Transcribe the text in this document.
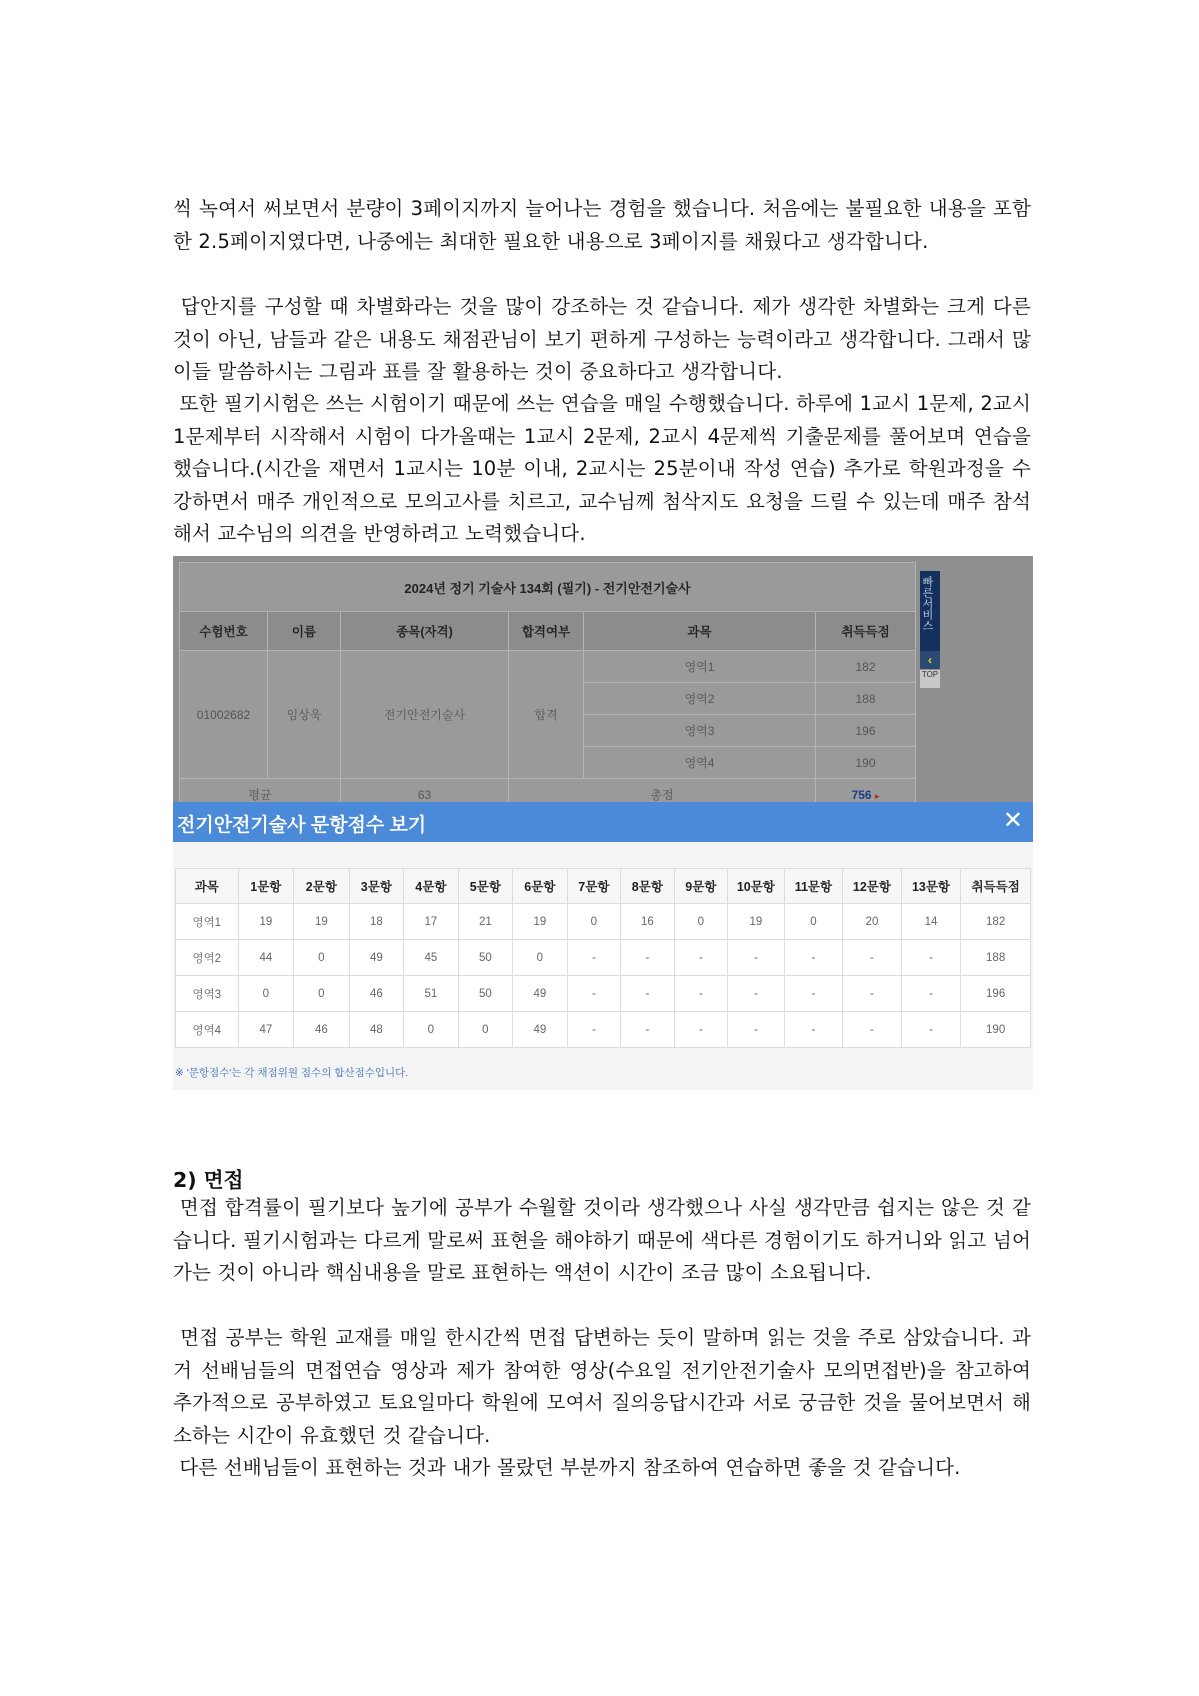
씩 녹여서 써보면서 분량이 3페이지까지 늘어나는 경험을 했습니다. 처음에는 불필요한 내용을 포함한 2.5페이지였다면, 나중에는 최대한 필요한 내용으로 3페이지를 채웠다고 생각합니다.

답안지를 구성할 때 차별화라는 것을 많이 강조하는 것 같습니다. 제가 생각한 차별화는 크게 다른 것이 아닌, 남들과 같은 내용도 채점관님이 보기 편하게 구성하는 능력이라고 생각합니다. 그래서 많이들 말씀하시는 그림과 표를 잘 활용하는 것이 중요하다고 생각합니다.

또한 필기시험은 쓰는 시험이기 때문에 쓰는 연습을 매일 수행했습니다. 하루에 1교시 1문제, 2교시 1문제부터 시작해서 시험이 다가올때는 1교시 2문제, 2교시 4문제씩 기출문제를 풀어보며 연습을 했습니다.(시간을 재면서 1교시는 10분 이내, 2교시는 25분이내 작성 연습) 추가로 학원과정을 수강하면서 매주 개인적으로 모의고사를 치르고, 교수님께 첨삭지도 요청을 드릴 수 있는데 매주 참석해서 교수님의 의견을 반영하려고 노력했습니다.

2024년 정기 기술사 134회 (필기) - 전기안전기술사					
수험번호	이름	종목(자격)	합격여부	과목	취득득점
01002682	임상욱	전기안전기술사	합격	영역1	182
				영역2	188
				영역3	196
				영역4	190
평균		63	총점		756 ▸
빠른서비스
‹
TOP
전기안전기술사 문항점수 보기	✕
과목	1문항	2문항	3문항	4문항	5문항	6문항	7문항	8문항	9문항	10문항	11문항	12문항	13문항	취득득점
영역1	19	19	18	17	21	19	0	16	0	19	0	20	14	182
영역2	44	0	49	45	50	0	-	-	-	-	-	-	-	188
영역3	0	0	46	51	50	49	-	-	-	-	-	-	-	196
영역4	47	46	48	0	0	49	-	-	-	-	-	-	-	190
※ '문항점수'는 각 채점위원 점수의 합산점수입니다.
2) 면접

면접 합격률이 필기보다 높기에 공부가 수월할 것이라 생각했으나 사실 생각만큼 쉽지는 않은 것 같습니다. 필기시험과는 다르게 말로써 표현을 해야하기 때문에 색다른 경험이기도 하거니와 읽고 넘어가는 것이 아니라 핵심내용을 말로 표현하는 액션이 시간이 조금 많이 소요됩니다.

면접 공부는 학원 교재를 매일 한시간씩 면접 답변하는 듯이 말하며 읽는 것을 주로 삼았습니다. 과거 선배님들의 면접연습 영상과 제가 참여한 영상(수요일 전기안전기술사 모의면접반)을 참고하여 추가적으로 공부하였고 토요일마다 학원에 모여서 질의응답시간과 서로 궁금한 것을 물어보면서 해소하는 시간이 유효했던 것 같습니다.

다른 선배님들이 표현하는 것과 내가 몰랐던 부분까지 참조하여 연습하면 좋을 것 같습니다.
